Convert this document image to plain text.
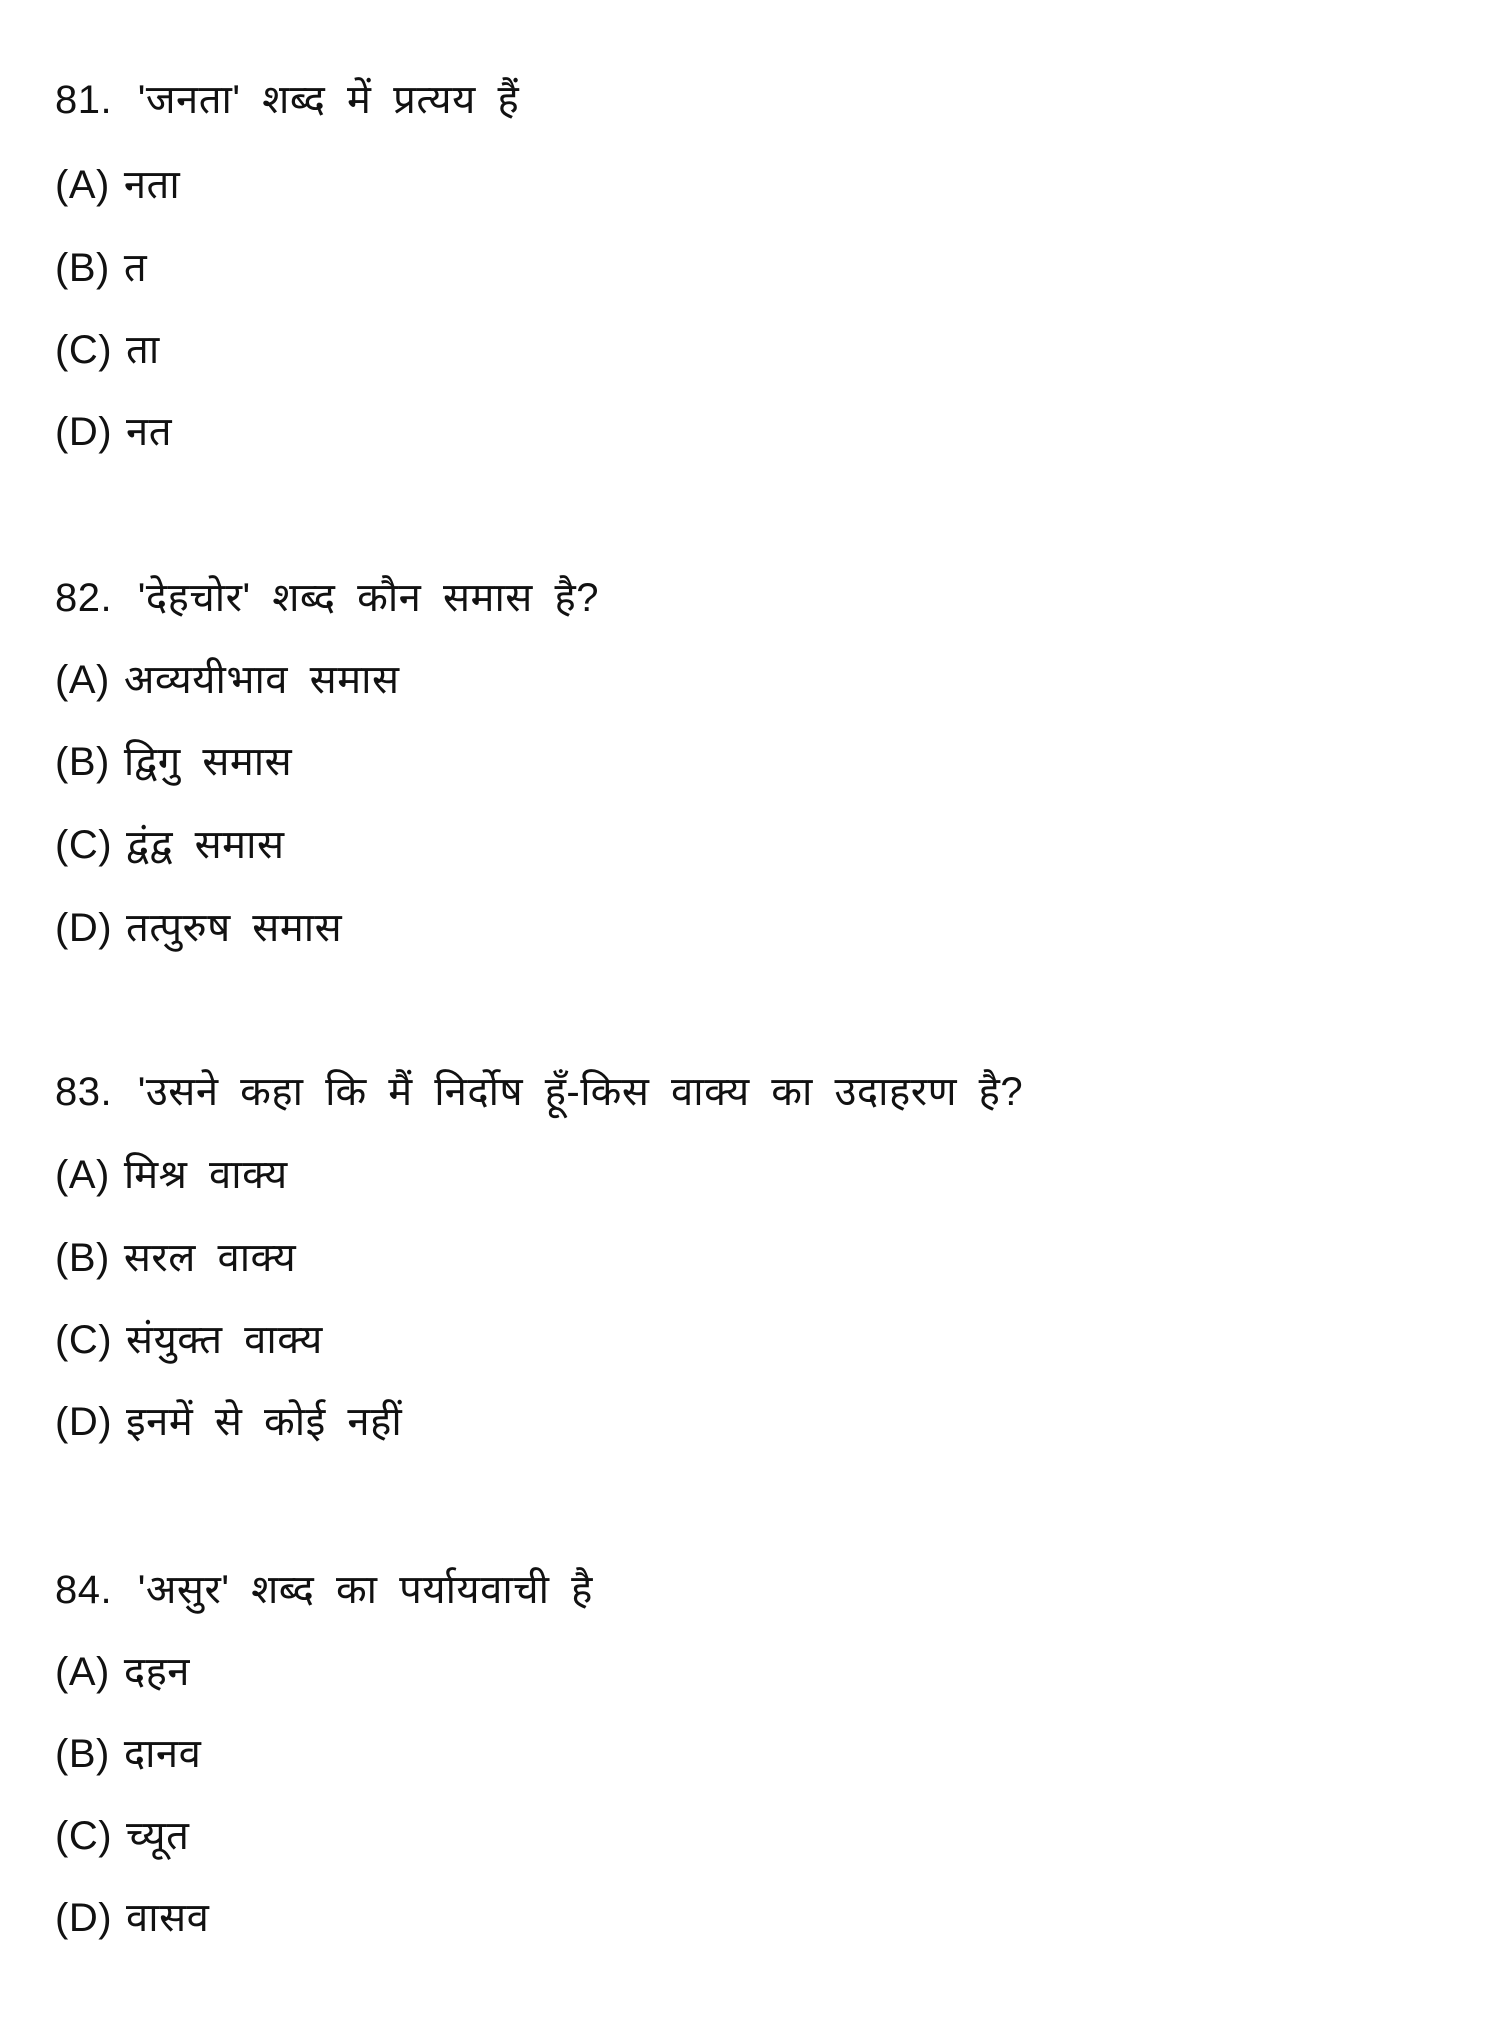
81. 'जनता' शब्द में प्रत्यय हैं
(A) नता
(B) त
(C) ता
(D) नत
82. 'देहचोर' शब्द कौन समास है?
(A) अव्ययीभाव समास
(B) द्विगु समास
(C) द्वंद्व समास
(D) तत्पुरुष समास
83. 'उसने कहा कि मैं निर्दोष हूँ-किस वाक्य का उदाहरण है?
(A) मिश्र वाक्य
(B) सरल वाक्य
(C) संयुक्त वाक्य
(D) इनमें से कोई नहीं
84. 'असुर' शब्द का पर्यायवाची है
(A) दहन
(B) दानव
(C) च्यूत
(D) वासव
